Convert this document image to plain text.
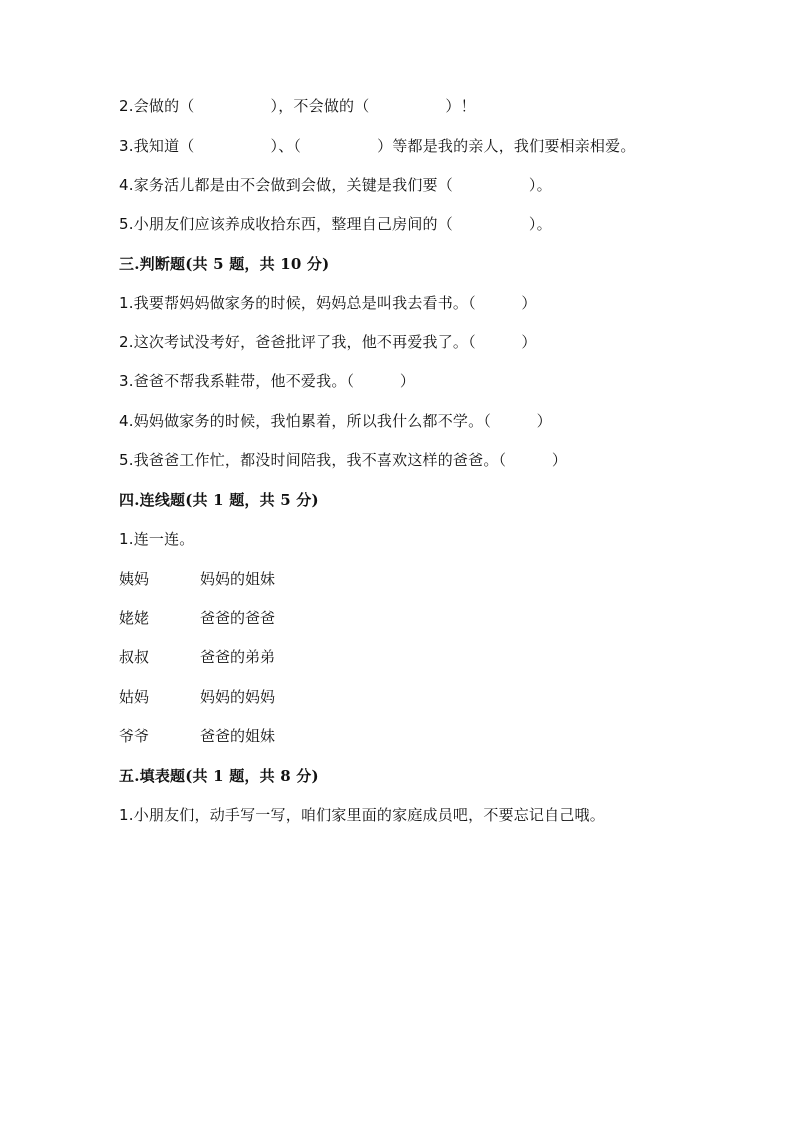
2.会做的（　　　　　），不会做的（　　　　　）！
3.我知道（　　　　　）、（　　　　　）等都是我的亲人，我们要相亲相爱。
4.家务活儿都是由不会做到会做，关键是我们要（　　　　　）。
5.小朋友们应该养成收拾东西，整理自己房间的（　　　　　）。
三.判断题(共 5 题，共 10 分)
1.我要帮妈妈做家务的时候，妈妈总是叫我去看书。（　　　）
2.这次考试没考好，爸爸批评了我，他不再爱我了。（　　　）
3.爸爸不帮我系鞋带，他不爱我。（　　　）
4.妈妈做家务的时候，我怕累着，所以我什么都不学。（　　　）
5.我爸爸工作忙，都没时间陪我，我不喜欢这样的爸爸。（　　　）
四.连线题(共 1 题，共 5 分)
1.连一连。
姨妈	妈妈的姐妹
姥姥	爸爸的爸爸
叔叔	爸爸的弟弟
姑妈	妈妈的妈妈
爷爷	爸爸的姐妹
五.填表题(共 1 题，共 8 分)
1.小朋友们，动手写一写，咱们家里面的家庭成员吧，不要忘记自己哦。
